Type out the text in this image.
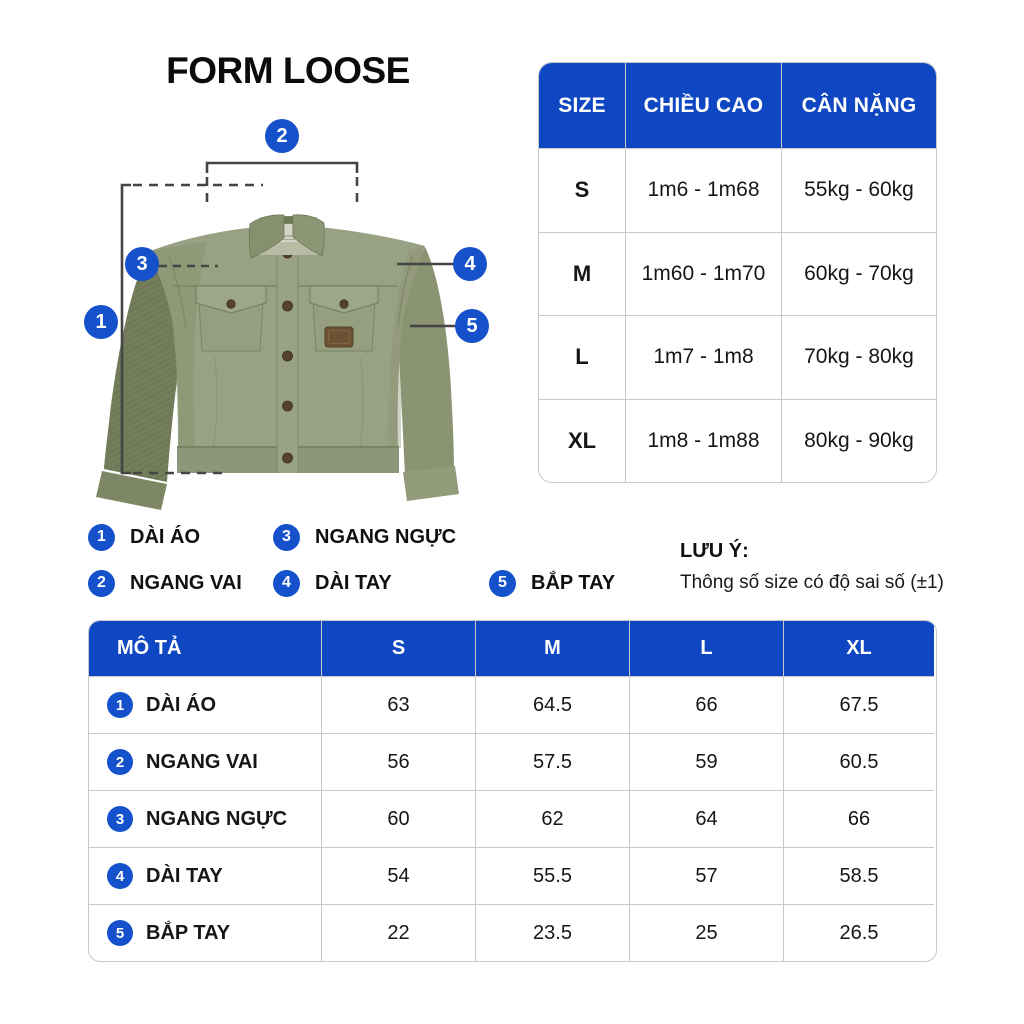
FORM LOOSE
1
2
3	4
5
SIZE	CHIỀU CAO	CÂN NẶNG
S	1m6 - 1m68	55kg - 60kg
M	1m60 - 1m70	60kg - 70kg
L	1m7 - 1m8	70kg - 80kg
XL	1m8 - 1m88	80kg - 90kg
1	DÀI ÁO
2	NGANG VAI
3	NGANG NGỰC
4	DÀI TAY	5	BẮP TAY
LƯU Ý:
Thông số size có độ sai số (±1)
MÔ TẢ	S	M	L	XL
1	DÀI ÁO	63	64.5	66	67.5
2	NGANG VAI	56	57.5	59	60.5
3	NGANG NGỰC	60	62	64	66
4	DÀI TAY	54	55.5	57	58.5
5	BẮP TAY	22	23.5	25	26.5
